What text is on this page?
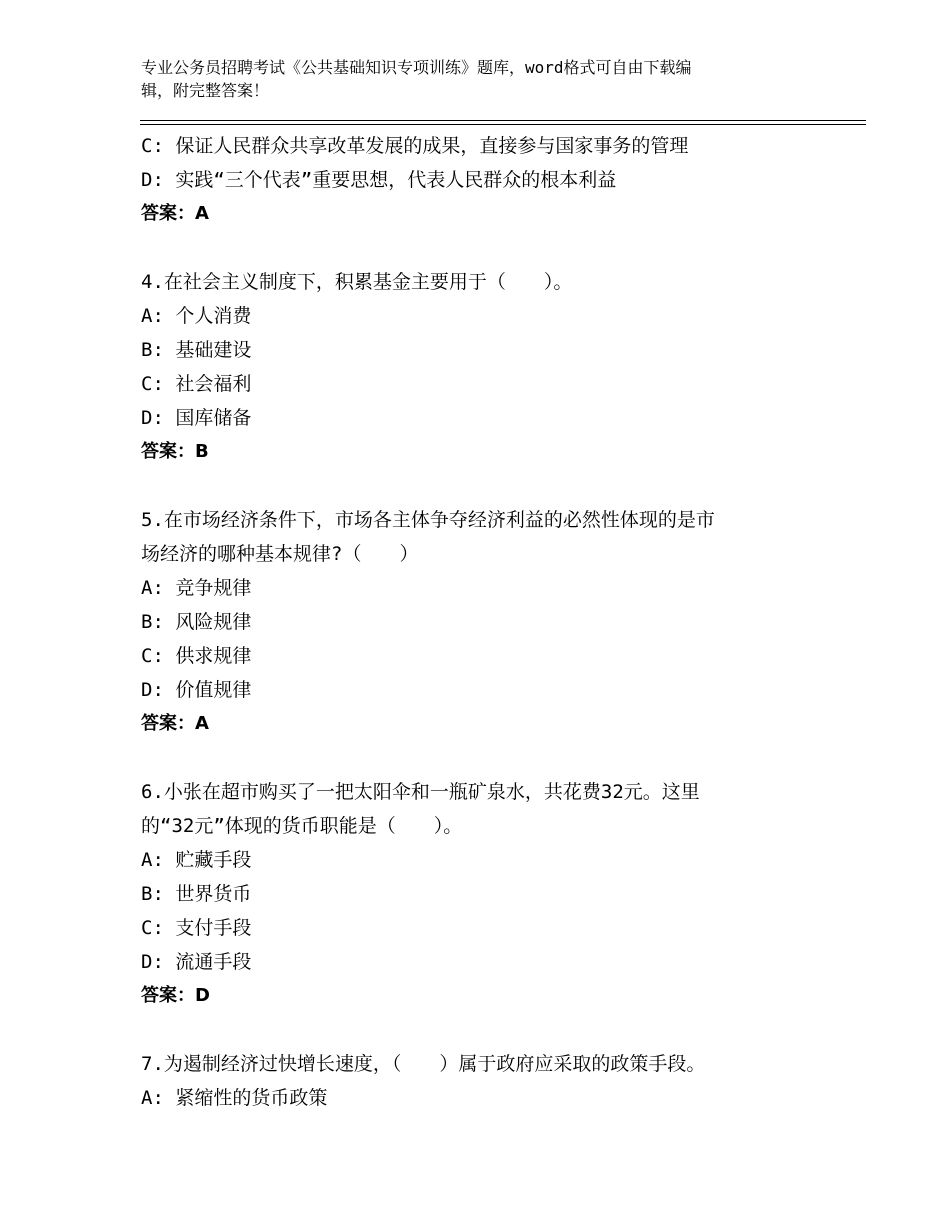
专业公务员招聘考试《公共基础知识专项训练》题库，word格式可自由下载编
辑，附完整答案！
C: 保证人民群众共享改革发展的成果，直接参与国家事务的管理
D: 实践“三个代表”重要思想，代表人民群众的根本利益
答案：A
4.在社会主义制度下，积累基金主要用于（　　）。
A: 个人消费
B: 基础建设
C: 社会福利
D: 国库储备
答案：B
5.在市场经济条件下，市场各主体争夺经济利益的必然性体现的是市
场经济的哪种基本规律?（　　）
A: 竞争规律
B: 风险规律
C: 供求规律
D: 价值规律
答案：A
6.小张在超市购买了一把太阳伞和一瓶矿泉水，共花费32元。这里
的“32元”体现的货币职能是（　　）。
A: 贮藏手段
B: 世界货币
C: 支付手段
D: 流通手段
答案：D
7.为遏制经济过快增长速度，（　　）属于政府应采取的政策手段。
A: 紧缩性的货币政策
